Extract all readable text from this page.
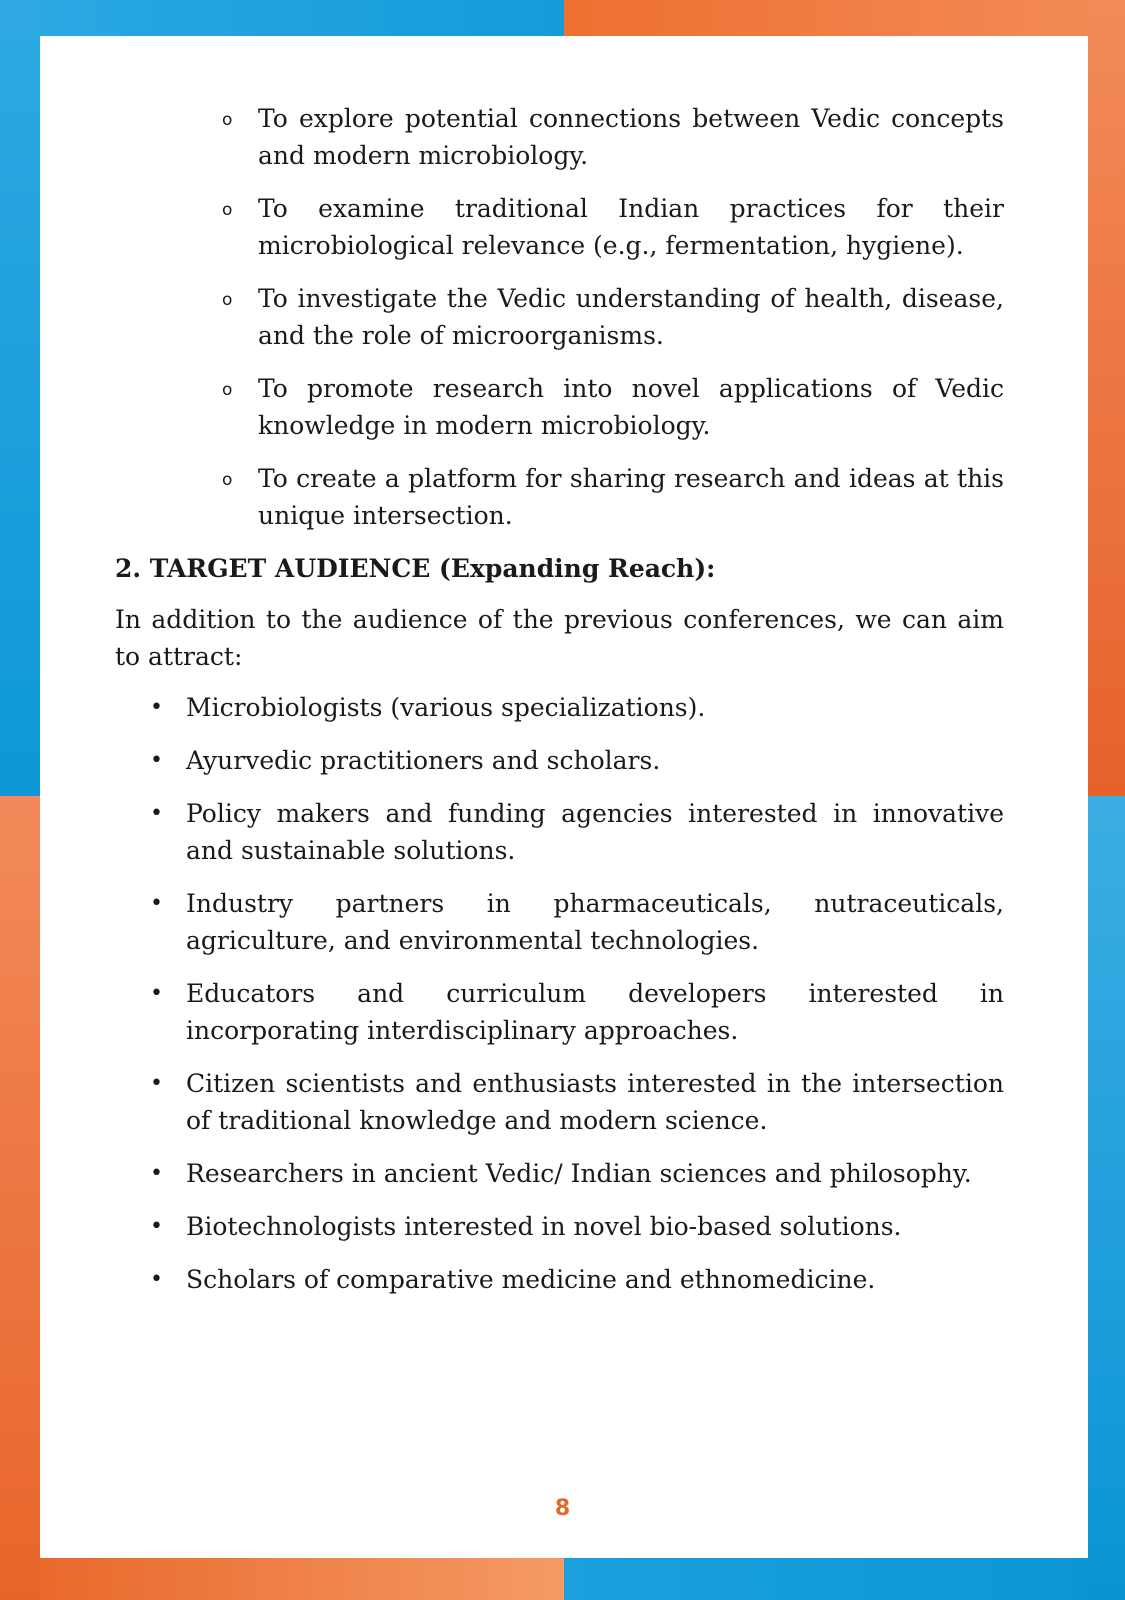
o To explore potential connections between Vedic concepts and modern microbiology.
o To examine traditional Indian practices for their microbiological relevance (e.g., fermentation, hygiene).
o To investigate the Vedic understanding of health, disease, and the role of microorganisms.
o To promote research into novel applications of Vedic knowledge in modern microbiology.
o To create a platform for sharing research and ideas at this unique intersection.
2. TARGET AUDIENCE (Expanding Reach):

In addition to the audience of the previous conferences, we can aim to attract:

• Microbiologists (various specializations).
• Ayurvedic practitioners and scholars.
• Policy makers and funding agencies interested in innovative and sustainable solutions.
• Industry partners in pharmaceuticals, nutraceuticals, agriculture, and environmental technologies.
• Educators and curriculum developers interested in incorporating interdisciplinary approaches.
• Citizen scientists and enthusiasts interested in the intersection of traditional knowledge and modern science.
• Researchers in ancient Vedic/ Indian sciences and philosophy.
• Biotechnologists interested in novel bio-based solutions.
• Scholars of comparative medicine and ethnomedicine.
8
